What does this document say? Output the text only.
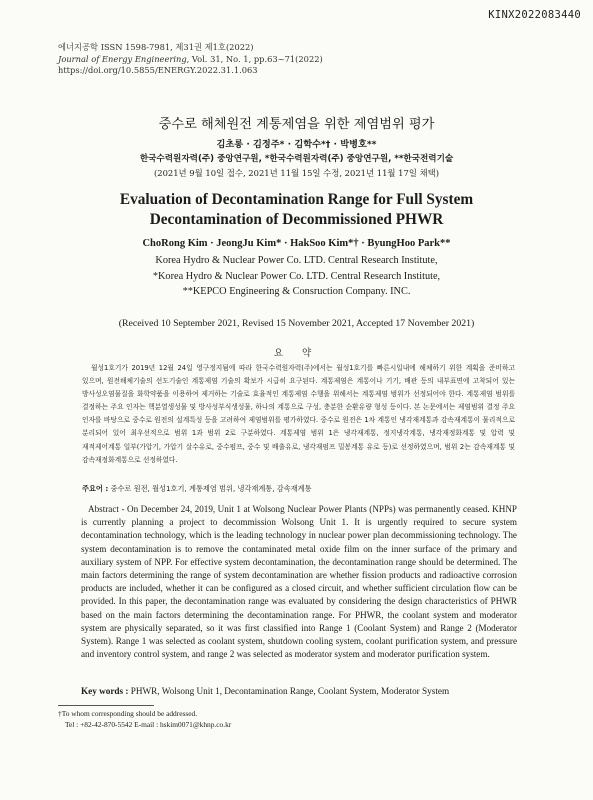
KINX2022083440
에너지공학 ISSN 1598-7981, 제31권 제1호(2022)
Journal of Energy Engineering, Vol. 31, No. 1, pp.63~71(2022)
https://doi.org/10.5855/ENERGY.2022.31.1.063
중수로 해체원전 계통제염을 위한 제염범위 평가
김초롱 · 김정주* · 김학수*† · 박병호**
한국수력원자력(주) 중앙연구원, *한국수력원자력(주) 중앙연구원, **한국전력기술
(2021년 9월 10일 접수, 2021년 11월 15일 수정, 2021년 11월 17일 채택)
Evaluation of Decontamination Range for Full System
Decontamination of Decommissioned PHWR
ChoRong Kim · JeongJu Kim* · HakSoo Kim*† · ByungHoo Park**
Korea Hydro & Nuclear Power Co. LTD. Central Research Institute,
*Korea Hydro & Nuclear Power Co. LTD. Central Research Institute,
**KEPCO Engineering & Consruction Company. INC.
(Received 10 September 2021, Revised 15 November 2021, Accepted 17 November 2021)
요 약

월성1호기가 2019년 12월 24일 영구정지됨에 따라 한국수력원자력(주)에서는 월성1호기를 빠른시일내에 해체하기 위한 계획을 준비하고 있으며, 원전해체기술의 선도기술인 계통제염 기술의 확보가 시급히 요구된다. 계통제염은 계통이나 기기, 배관 등의 내부표면에 고착되어 있는 방사성오염물질을 화학약품을 이용하여 제거하는 기술로 효율적인 계통제염 수행을 위해서는 계통제염 범위가 선정되어야 한다. 계통제염 범위를 결정하는 주요 인자는 핵분열생성물 및 방사성부식생성물, 하나의 계통으로 구성, 충분한 순환유량 형성 등이다. 본 논문에서는 제염범위 결정 주요 인자를 바탕으로 중수로 원전의 설계특성 등을 고려하여 제염범위를 평가하였다. 중수로 원전은 1차 계통인 냉각재계통과 감속재계통이 물리적으로 분리되어 있어 최우선적으로 범위 1과 범위 2로 구분하였다. 계통제염 범위 1은 냉각재계통, 정지냉각계통, 냉각재정화계통 및 압력 및 재적제어계통 일부(가압기, 가압기 살수유로, 중수펌프, 중수 및 배출유로, 냉각재펌프 밀봉계통 유로 등)로 선정하였으며, 범위 2는 감속재계통 및 감속재정화계통으로 선정하였다.

주요어 : 중수로 원전, 월성1호기, 계통제염 범위, 냉각재계통, 감속재계통

Abstract - On December 24, 2019, Unit 1 at Wolsong Nuclear Power Plants (NPPs) was permanently ceased. KHNP is currently planning a project to decommission Wolsong Unit 1. It is urgently required to secure system decontamination technology, which is the leading technology in nuclear power plan decommissioning technology. The system decontamination is to remove the contaminated metal oxide film on the inner surface of the primary and auxiliary system of NPP. For effective system decontamination, the decontamination range should be determined. The main factors determining the range of system decontamination are whether fission products and radioactive corrosion products are included, whether it can be configured as a closed circuit, and whether sufficient circulation flow can be provided. In this paper, the decontamination range was evaluated by considering the design characteristics of PHWR based on the main factors determining the decontamination range. For PHWR, the coolant system and moderator system are physically separated, so it was first classified into Range 1 (Coolant System) and Range 2 (Moderator System). Range 1 was selected as coolant system, shutdown cooling system, coolant purification system, and pressure and inventory control system, and range 2 was selected as moderator system and moderator purification system.

Key words : PHWR, Wolsong Unit 1, Decontamination Range, Coolant System, Moderator System
†To whom corresponding should be addressed.
Tel : +82-42-870-5542 E-mail : hskim0071@khnp.co.kr
